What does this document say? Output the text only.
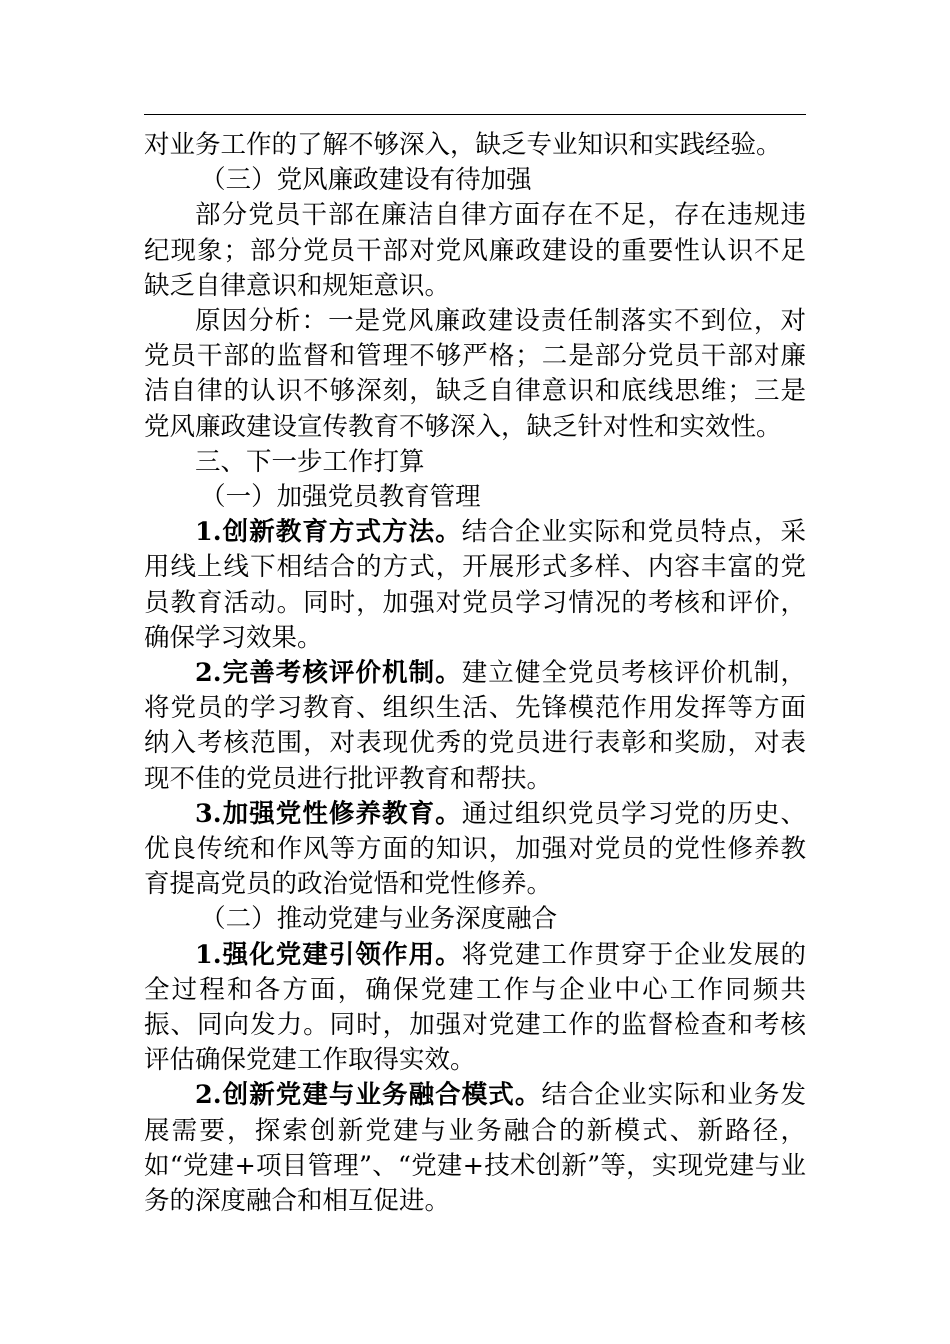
对业务工作的了解不够深入，缺乏专业知识和实践经验。

（三）党风廉政建设有待加强

部分党员干部在廉洁自律方面存在不足，存在违规违纪现象；部分党员干部对党风廉政建设的重要性认识不足缺乏自律意识和规矩意识。

原因分析：一是党风廉政建设责任制落实不到位，对党员干部的监督和管理不够严格；二是部分党员干部对廉洁自律的认识不够深刻，缺乏自律意识和底线思维；三是党风廉政建设宣传教育不够深入，缺乏针对性和实效性。

三、下一步工作打算

（一）加强党员教育管理

1.创新教育方式方法。结合企业实际和党员特点，采用线上线下相结合的方式，开展形式多样、内容丰富的党员教育活动。同时，加强对党员学习情况的考核和评价，确保学习效果。

2.完善考核评价机制。建立健全党员考核评价机制，将党员的学习教育、组织生活、先锋模范作用发挥等方面纳入考核范围，对表现优秀的党员进行表彰和奖励，对表现不佳的党员进行批评教育和帮扶。

3.加强党性修养教育。通过组织党员学习党的历史、优良传统和作风等方面的知识，加强对党员的党性修养教育提高党员的政治觉悟和党性修养。

（二）推动党建与业务深度融合

1.强化党建引领作用。将党建工作贯穿于企业发展的全过程和各方面，确保党建工作与企业中心工作同频共振、同向发力。同时，加强对党建工作的监督检查和考核评估确保党建工作取得实效。

2.创新党建与业务融合模式。结合企业实际和业务发展需要，探索创新党建与业务融合的新模式、新路径，如“党建+项目管理”、“党建+技术创新”等，实现党建与业务的深度融合和相互促进。
